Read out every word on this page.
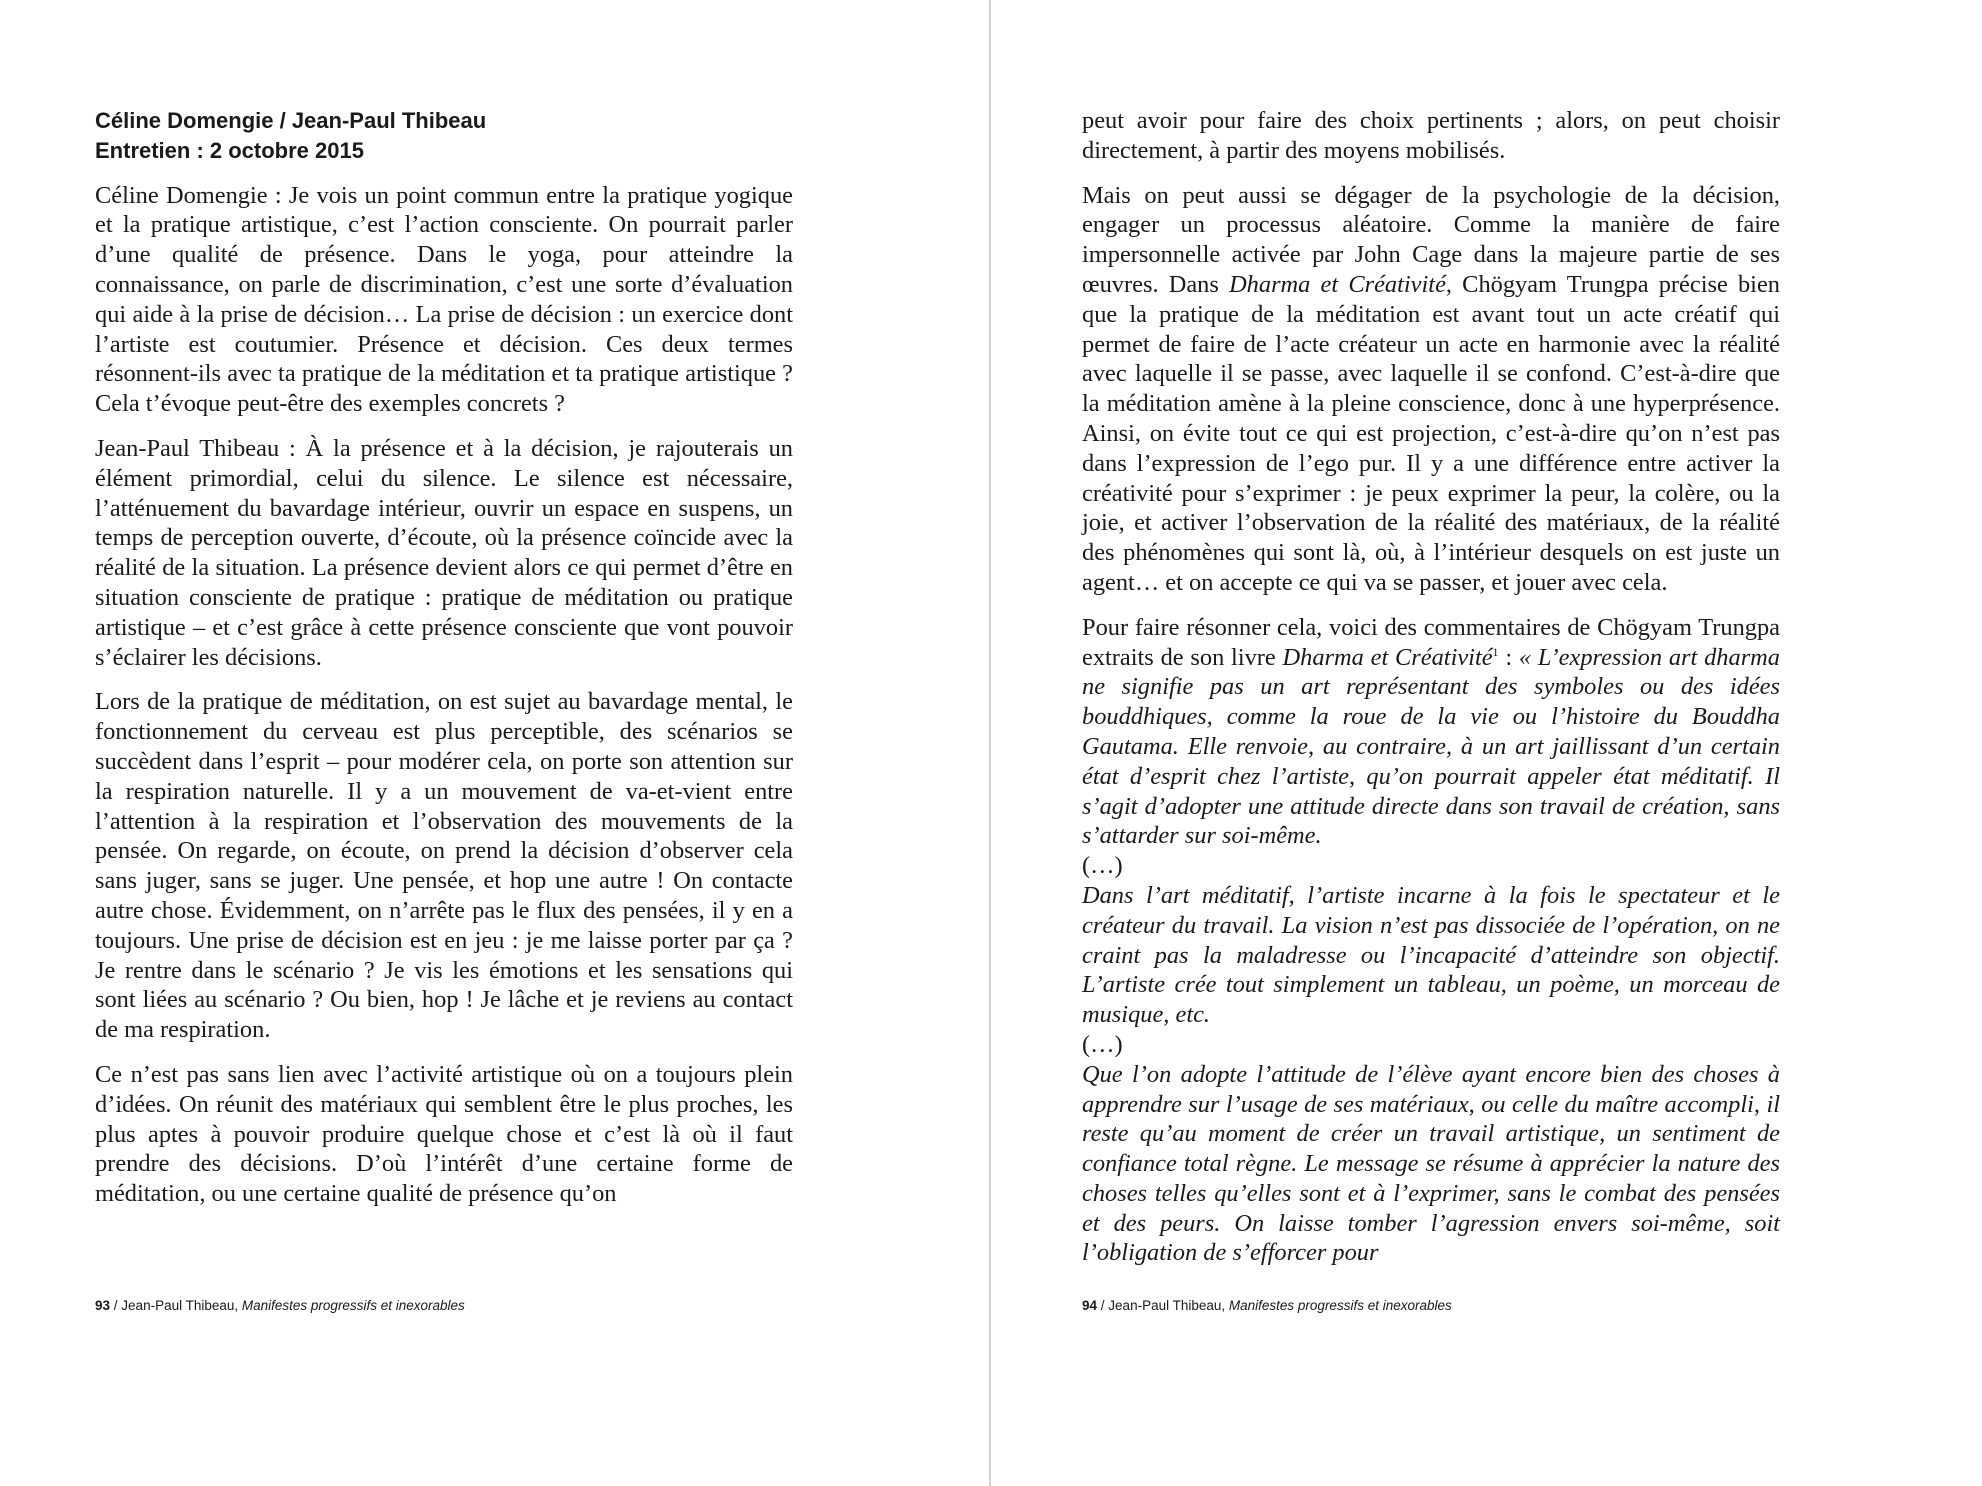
Céline Domengie / Jean-Paul Thibeau
Entretien : 2 octobre 2015

Céline Domengie : Je vois un point commun entre la pratique yogique et la pratique artistique, c’est l’action consciente. On pourrait parler d’une qualité de présence. Dans le yoga, pour atteindre la connaissance, on parle de discrimination, c’est une sorte d’évaluation qui aide à la prise de décision… La prise de décision : un exercice dont l’artiste est coutumier. Présence et décision. Ces deux termes résonnent-ils avec ta pratique de la méditation et ta pratique artistique ? Cela t’évoque peut-être des exemples concrets ?

Jean-Paul Thibeau : À la présence et à la décision, je rajouterais un élément primordial, celui du silence. Le silence est nécessaire, l’atténuement du bavardage intérieur, ouvrir un espace en suspens, un temps de perception ouverte, d’écoute, où la présence coïncide avec la réalité de la situation. La présence devient alors ce qui permet d’être en situation consciente de pratique : pratique de méditation ou pratique artistique – et c’est grâce à cette présence consciente que vont pouvoir s’éclairer les décisions.

Lors de la pratique de méditation, on est sujet au bavardage mental, le fonctionnement du cerveau est plus perceptible, des scénarios se succèdent dans l’esprit – pour modérer cela, on porte son attention sur la respiration naturelle. Il y a un mouvement de va-et-vient entre l’attention à la respiration et l’observation des mouvements de la pensée. On regarde, on écoute, on prend la décision d’observer cela sans juger, sans se juger. Une pensée, et hop une autre ! On contacte autre chose. Évidemment, on n’arrête pas le flux des pensées, il y en a toujours. Une prise de décision est en jeu : je me laisse porter par ça ? Je rentre dans le scénario ? Je vis les émotions et les sensations qui sont liées au scénario ? Ou bien, hop ! Je lâche et je reviens au contact de ma respiration.

Ce n’est pas sans lien avec l’activité artistique où on a toujours plein d’idées. On réunit des matériaux qui semblent être le plus proches, les plus aptes à pouvoir produire quelque chose et c’est là où il faut prendre des décisions. D’où l’intérêt d’une certaine forme de méditation, ou une certaine qualité de présence qu’on

93 / Jean-Paul Thibeau, Manifestes progressifs et inexorables

peut avoir pour faire des choix pertinents ; alors, on peut choisir directement, à partir des moyens mobilisés.

Mais on peut aussi se dégager de la psychologie de la décision, engager un processus aléatoire. Comme la manière de faire impersonnelle activée par John Cage dans la majeure partie de ses œuvres. Dans Dharma et Créativité, Chögyam Trungpa précise bien que la pratique de la méditation est avant tout un acte créatif qui permet de faire de l’acte créateur un acte en harmonie avec la réalité avec laquelle il se passe, avec laquelle il se confond. C’est-à-dire que la méditation amène à la pleine conscience, donc à une hyperprésence. Ainsi, on évite tout ce qui est projection, c’est-à-dire qu’on n’est pas dans l’expression de l’ego pur. Il y a une différence entre activer la créativité pour s’exprimer : je peux exprimer la peur, la colère, ou la joie, et activer l’observation de la réalité des matériaux, de la réalité des phénomènes qui sont là, où, à l’intérieur desquels on est juste un agent… et on accepte ce qui va se passer, et jouer avec cela.

Pour faire résonner cela, voici des commentaires de Chögyam Trungpa extraits de son livre Dharma et Créativité$^1$ : « L’expression art dharma ne signifie pas un art représentant des symboles ou des idées bouddhiques, comme la roue de la vie ou l’histoire du Bouddha Gautama. Elle renvoie, au contraire, à un art jaillissant d’un certain état d’esprit chez l’artiste, qu’on pourrait appeler état méditatif. Il s’agit d’adopter une attitude directe dans son travail de création, sans s’attarder sur soi-même.
(…)
Dans l’art méditatif, l’artiste incarne à la fois le spectateur et le créateur du travail. La vision n’est pas dissociée de l’opération, on ne craint pas la maladresse ou l’incapacité d’atteindre son objectif. L’artiste crée tout simplement un tableau, un poème, un morceau de musique, etc.
(…)
Que l’on adopte l’attitude de l’élève ayant encore bien des choses à apprendre sur l’usage de ses matériaux, ou celle du maître accompli, il reste qu’au moment de créer un travail artistique, un sentiment de confiance total règne. Le message se résume à apprécier la nature des choses telles qu’elles sont et à l’exprimer, sans le combat des pensées et des peurs. On laisse tomber l’agression envers soi-même, soit l’obligation de s’efforcer pour

94 / Jean-Paul Thibeau, Manifestes progressifs et inexorables
